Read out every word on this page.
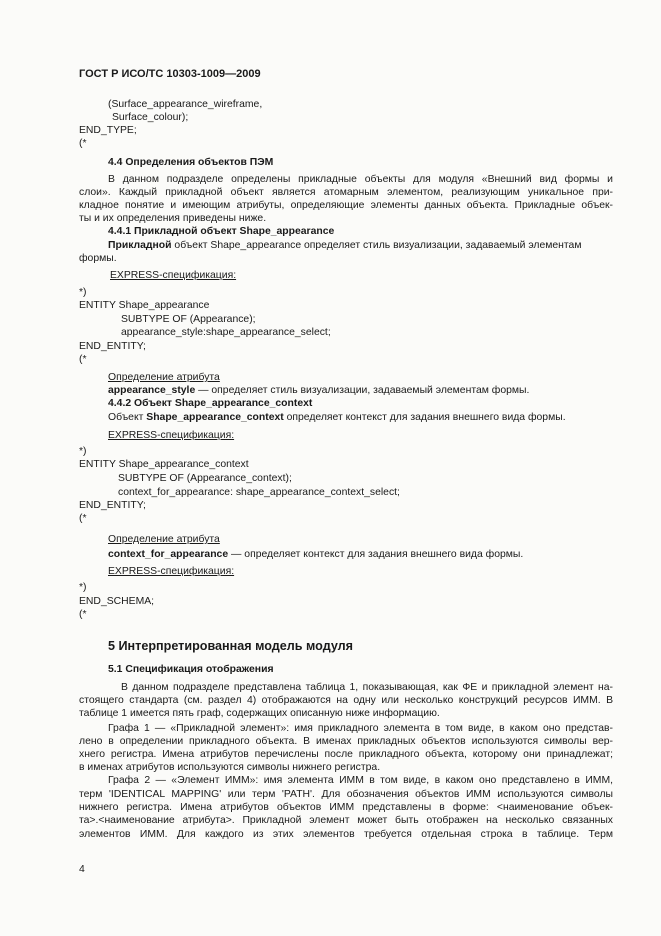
ГОСТ Р ИСО/ТС 10303-1009—2009
(Surface_appearance_wireframe,
Surface_colour);
END_TYPE;
(*
4.4 Определения объектов ПЭМ
В данном подразделе определены прикладные объекты для модуля «Внешний вид формы и
слои». Каждый прикладной объект является атомарным элементом, реализующим уникальное при-
кладное понятие и имеющим атрибуты, определяющие элементы данных объекта. Прикладные объек-
ты и их определения приведены ниже.
4.4.1 Прикладной объект Shape_appearance
Прикладной объект Shape_appearance определяет стиль визуализации, задаваемый элементам
формы.
EXPRESS-спецификация:
*)
ENTITY Shape_appearance
SUBTYPE OF (Appearance);
appearance_style:shape_appearance_select;
END_ENTITY;
(*
Определение атрибута
appearance_style — определяет стиль визуализации, задаваемый элементам формы.
4.4.2 Объект Shape_appearance_context
Объект Shape_appearance_context определяет контекст для задания внешнего вида формы.
EXPRESS-спецификация:
*)
ENTITY Shape_appearance_context
SUBTYPE OF (Appearance_context);
context_for_appearance: shape_appearance_context_select;
END_ENTITY;
(*
Определение атрибута
context_for_appearance — определяет контекст для задания внешнего вида формы.
EXPRESS-спецификация:
*)
END_SCHEMA;
(*
5 Интерпретированная модель модуля
5.1 Спецификация отображения
В данном подразделе представлена таблица 1, показывающая, как ФЕ и прикладной элемент на-
стоящего стандарта (см. раздел 4) отображаются на одну или несколько конструкций ресурсов ИММ. В
таблице 1 имеется пять граф, содержащих описанную ниже информацию.
Графа 1 — «Прикладной элемент»: имя прикладного элемента в том виде, в каком оно представ-
лено в определении прикладного объекта. В именах прикладных объектов используются символы вер-
хнего регистра. Имена атрибутов перечислены после прикладного объекта, которому они принадлежат;
в именах атрибутов используются символы нижнего регистра.
Графа 2 — «Элемент ИММ»: имя элемента ИММ в том виде, в каком оно представлено в ИММ,
терм 'IDENTICAL MAPPING' или терм 'PATH'. Для обозначения объектов ИММ используются символы
нижнего регистра. Имена атрибутов объектов ИММ представлены в форме: <наименование объек-
та>.<наименование атрибута>. Прикладной элемент может быть отображен на несколько связанных
элементов ИММ. Для каждого из этих элементов требуется отдельная строка в таблице. Терм
4
